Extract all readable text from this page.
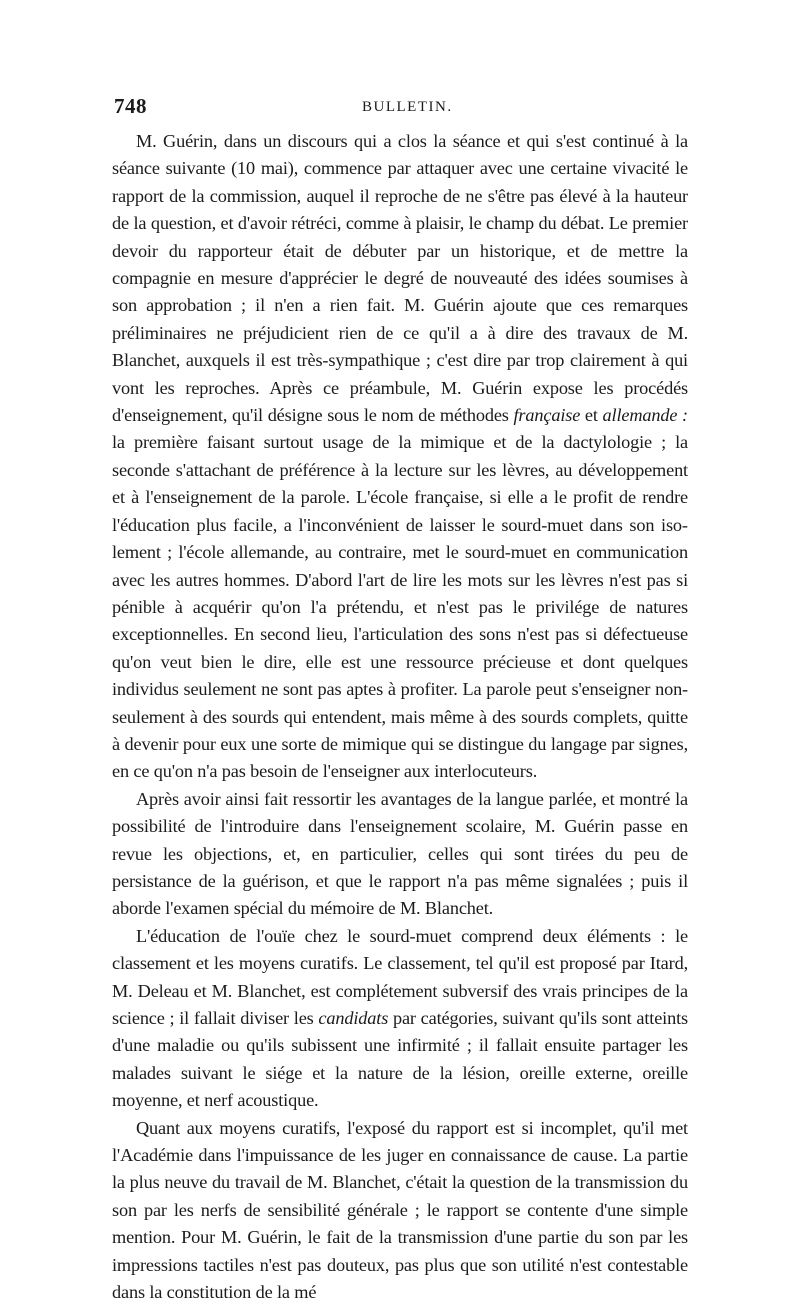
748	BULLETIN.

M. Guérin, dans un discours qui a clos la séance et qui s'est continué à la séance suivante (10 mai), commence par attaquer avec une certaine vivacité le rapport de la commission, auquel il reproche de ne s'être pas élevé à la hauteur de la question, et d'avoir rétréci, comme à plaisir, le champ du débat. Le premier devoir du rapporteur était de débuter par un historique, et de mettre la compagnie en mesure d'apprécier le degré de nouveauté des idées soumises à son approbation ; il n'en a rien fait. M. Guérin ajoute que ces remarques préliminaires ne préjudicient rien de ce qu'il a à dire des travaux de M. Blanchet, auxquels il est très-sympathique ; c'est dire par trop clairement à qui vont les reproches. Après ce préambule, M. Guérin expose les procédés d'enseignement, qu'il désigne sous le nom de méthodes française et allemande : la première faisant surtout usage de la mimique et de la dactylologie ; la seconde s'attachant de préférence à la lecture sur les lèvres, au développement et à l'enseignement de la parole. L'école française, si elle a le profit de rendre l'éducation plus facile, a l'inconvénient de laisser le sourd-muet dans son isolement ; l'école allemande, au contraire, met le sourd-muet en communication avec les autres hommes. D'abord l'art de lire les mots sur les lèvres n'est pas si pénible à acquérir qu'on l'a prétendu, et n'est pas le privilége de natures exceptionnelles. En second lieu, l'articulation des sons n'est pas si défectueuse qu'on veut bien le dire, elle est une ressource précieuse et dont quelques individus seulement ne sont pas aptes à profiter. La parole peut s'enseigner non-seulement à des sourds qui entendent, mais même à des sourds complets, quitte à devenir pour eux une sorte de mimique qui se distingue du langage par signes, en ce qu'on n'a pas besoin de l'enseigner aux interlocuteurs.

Après avoir ainsi fait ressortir les avantages de la langue parlée, et montré la possibilité de l'introduire dans l'enseignement scolaire, M. Guérin passe en revue les objections, et, en particulier, celles qui sont tirées du peu de persistance de la guérison, et que le rapport n'a pas même signalées ; puis il aborde l'examen spécial du mémoire de M. Blanchet.

L'éducation de l'ouïe chez le sourd-muet comprend deux éléments : le classement et les moyens curatifs. Le classement, tel qu'il est proposé par Itard, M. Deleau et M. Blanchet, est complétement subversif des vrais principes de la science ; il fallait diviser les candidats par catégories, suivant qu'ils sont atteints d'une maladie ou qu'ils subissent une infirmité ; il fallait ensuite partager les malades suivant le siége et la nature de la lésion, oreille externe, oreille moyenne, et nerf acoustique.

Quant aux moyens curatifs, l'exposé du rapport est si incomplet, qu'il met l'Académie dans l'impuissance de les juger en connaissance de cause. La partie la plus neuve du travail de M. Blanchet, c'était la question de la transmission du son par les nerfs de sensibilité générale ; le rapport se contente d'une simple mention. Pour M. Guérin, le fait de la transmission d'une partie du son par les impressions tactiles n'est pas douteux, pas plus que son utilité n'est contestable dans la constitution de la mé
